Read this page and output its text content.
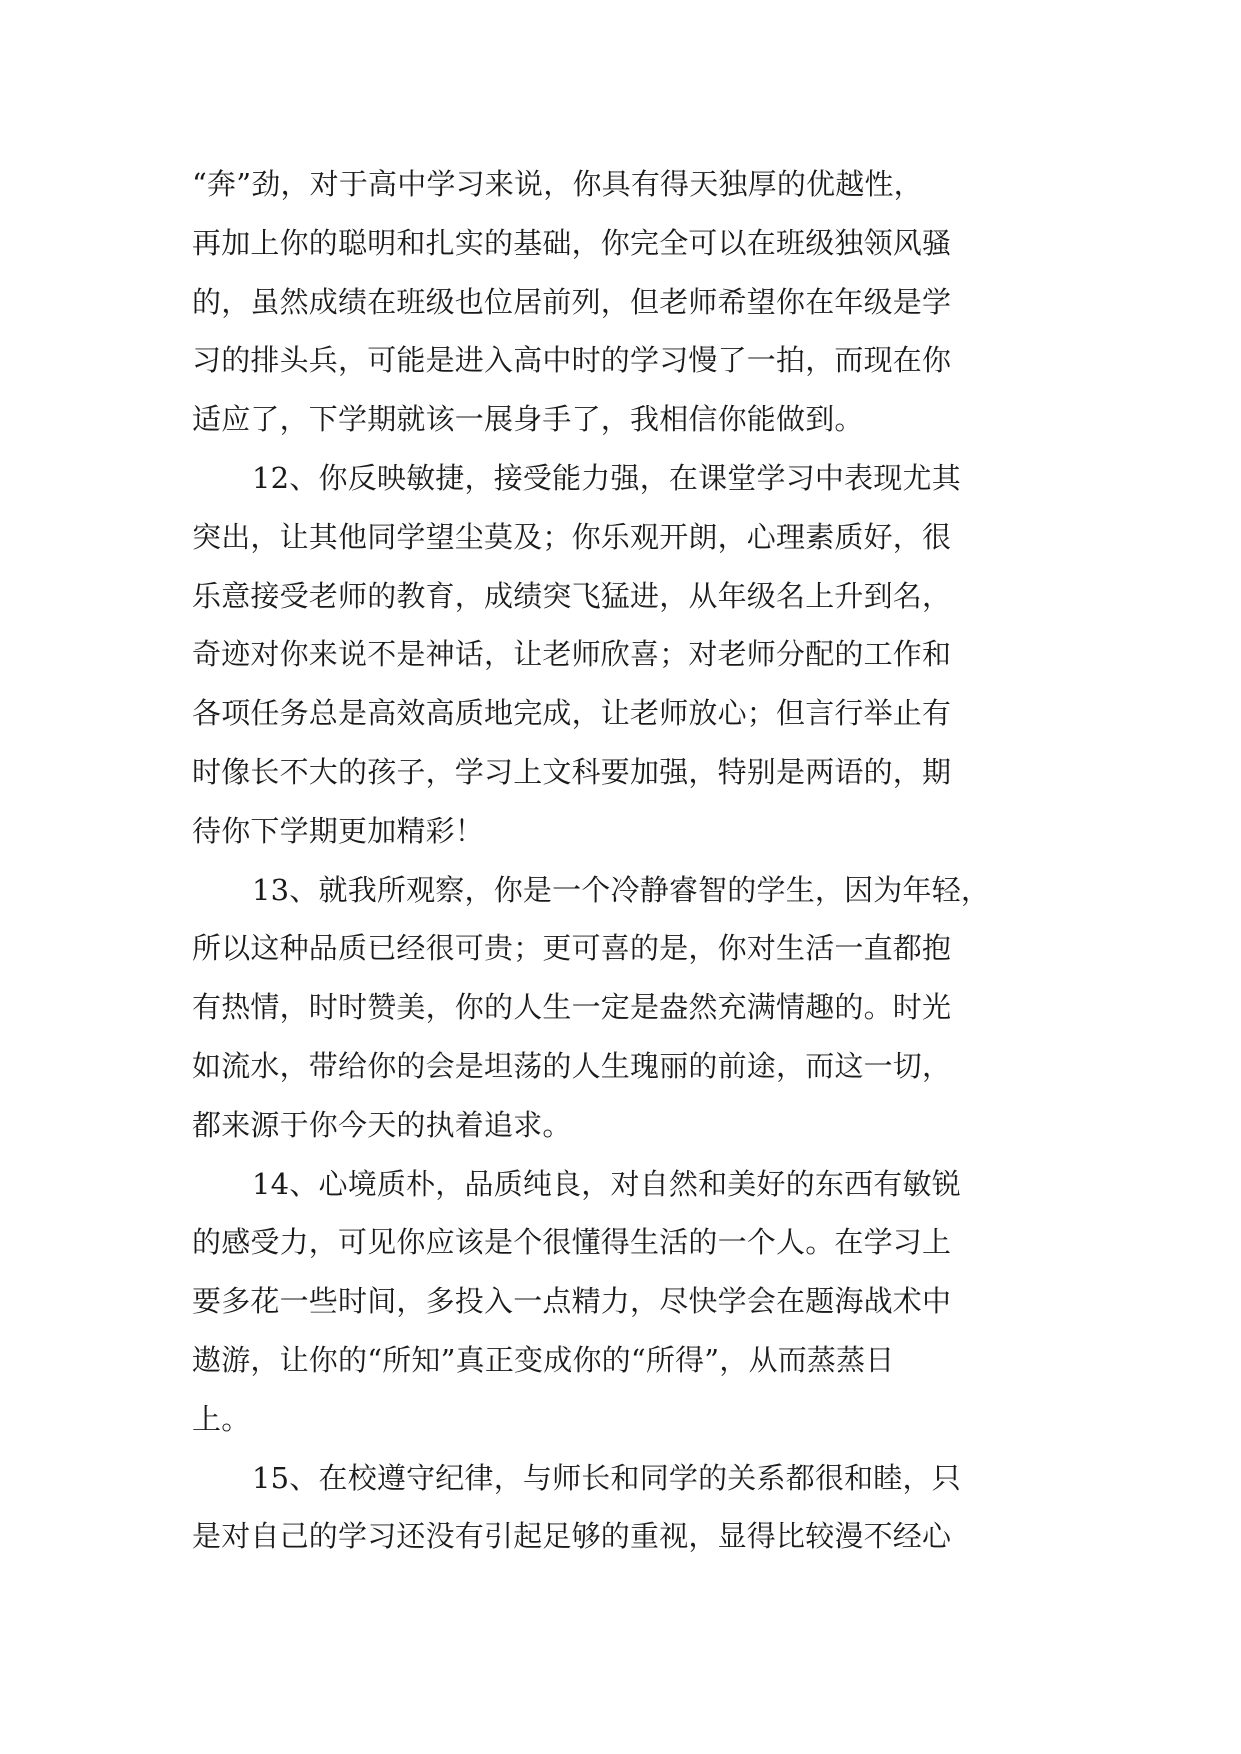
“奔”劲，对于高中学习来说，你具有得天独厚的优越性，
再加上你的聪明和扎实的基础，你完全可以在班级独领风骚
的，虽然成绩在班级也位居前列，但老师希望你在年级是学
习的排头兵，可能是进入高中时的学习慢了一拍，而现在你
适应了，下学期就该一展身手了，我相信你能做到。
12、你反映敏捷，接受能力强，在课堂学习中表现尤其
突出，让其他同学望尘莫及；你乐观开朗，心理素质好，很
乐意接受老师的教育，成绩突飞猛进，从年级名上升到名，
奇迹对你来说不是神话，让老师欣喜；对老师分配的工作和
各项任务总是高效高质地完成，让老师放心；但言行举止有
时像长不大的孩子，学习上文科要加强，特别是两语的，期
待你下学期更加精彩！
13、就我所观察，你是一个冷静睿智的学生，因为年轻，
所以这种品质已经很可贵；更可喜的是，你对生活一直都抱
有热情，时时赞美，你的人生一定是盎然充满情趣的。时光
如流水，带给你的会是坦荡的人生瑰丽的前途，而这一切，
都来源于你今天的执着追求。
14、心境质朴，品质纯良，对自然和美好的东西有敏锐
的感受力，可见你应该是个很懂得生活的一个人。在学习上
要多花一些时间，多投入一点精力，尽快学会在题海战术中
遨游，让你的“所知”真正变成你的“所得”，从而蒸蒸日
上。
15、在校遵守纪律，与师长和同学的关系都很和睦，只
是对自己的学习还没有引起足够的重视，显得比较漫不经心
